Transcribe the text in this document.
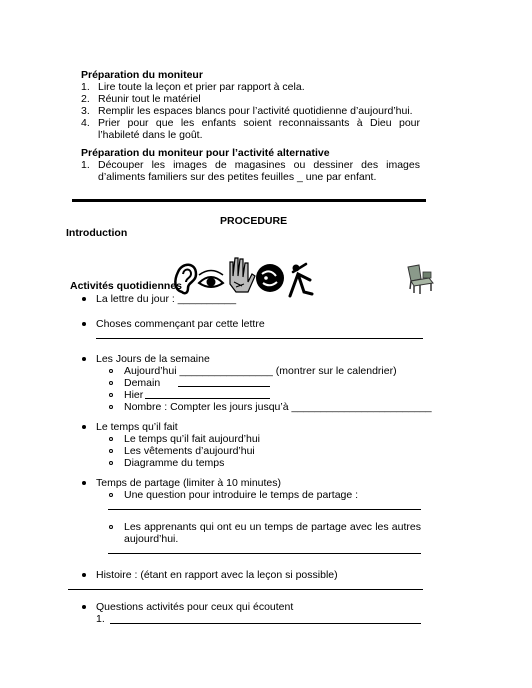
Préparation du moniteur
1. Lire toute la leçon et prier par rapport à cela.
2. Réunir tout le matériel
3. Remplir les espaces blancs pour l’activité quotidienne d’aujourd’hui.
4. Prier pour que les enfants soient reconnaissants à Dieu pour l’habileté dans le goût.
Préparation du moniteur pour l’activité alternative
1. Découper les images de magasines ou dessiner des images d’aliments familiers sur des petites feuilles _ une par enfant.
PROCEDURE
Introduction
Activités quotidiennes
La lettre du jour : __________
Choses commençant par cette lettre
Les Jours de la semaine
Aujourd’hui ________________ (montrer sur le calendrier)
Demain
Hier
Nombre : Compter les jours jusqu’à ________________________
Le temps qu’il fait
Le temps qu’il fait aujourd’hui
Les vêtements d’aujourd’hui
Diagramme du temps
Temps de partage (limiter à 10 minutes)
Une question pour introduire le temps de partage :
Les apprenants qui ont eu un temps de partage avec les autres aujourd’hui.
Histoire : (étant en rapport avec la leçon si possible)
Questions activités pour ceux qui écoutent
1.
